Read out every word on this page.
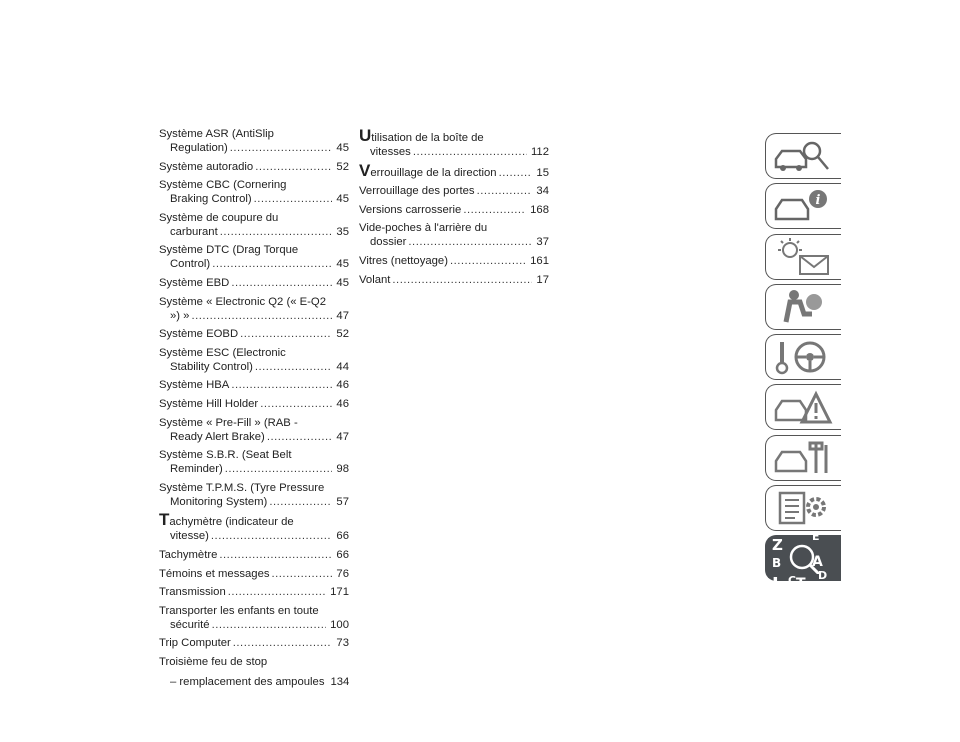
Système ASR (AntiSlip
Regulation) .....	45
Système autoradio .....	52
Système CBC (Cornering
Braking Control) .....	45
Système de coupure du
carburant .....	35
Système DTC (Drag Torque
Control) .....	45
Système EBD .....	45
Système « Electronic Q2 (« E-Q2
») » .....	47
Système EOBD .....	52
Système ESC (Electronic
Stability Control) .....	44
Système HBA .....	46
Système Hill Holder .....	46
Système « Pre-Fill » (RAB -
Ready Alert Brake) .....	47
Système S.B.R. (Seat Belt
Reminder) .....	98
Système T.P.M.S. (Tyre Pressure
Monitoring System) .....	57
Tachymètre (indicateur de
vitesse) .....	66
Tachymètre .....	66
Témoins et messages .....	76
Transmission .....	171
Transporter les enfants en toute
sécurité .....	100
Trip Computer .....	73
Troisième feu de stop
– remplacement des ampoules 134
Utilisation de la boîte de
vitesses .....	112
Verrouillage de la direction .....	15
Verrouillage des portes .....	34
Versions carrosserie .....	168
Vide-poches à l'arrière du
dossier .....	37
Vitres (nettoyage) .....	161
Volant .....	17
i
Z	E
B A
I C T
D
